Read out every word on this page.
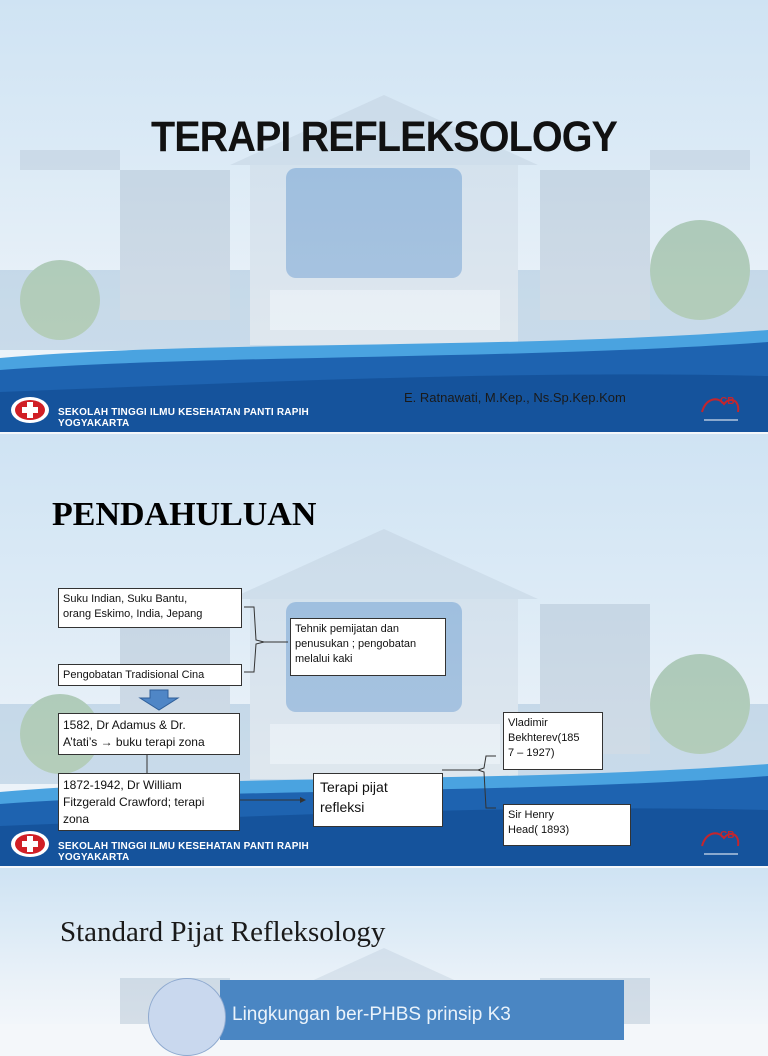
SEKOLAH TINGGI ILMU KESEHATAN PANTI RAPIH
YOGYAKARTA
CB
TERAPI REFLEKSOLOGY
E. Ratnawati, M.Kep., Ns.Sp.Kep.Kom
SEKOLAH TINGGI ILMU KESEHATAN PANTI RAPIH
YOGYAKARTA
CB
PENDAHULUAN
Suku Indian, Suku Bantu,
orang Eskimo, India, Jepang
Pengobatan Tradisional Cina
Tehnik pemijatan dan
penusukan ; pengobatan
melalui kaki
1582, Dr Adamus & Dr.
A’tati’s → buku terapi zona
1872-1942, Dr William
Fitzgerald Crawford; terapi
zona
Terapi pijat
refleksi
Vladimir
Bekhterev(185
7 – 1927)
Sir Henry
Head( 1893)
Standard Pijat Refleksology
Lingkungan ber-PHBS prinsip K3
